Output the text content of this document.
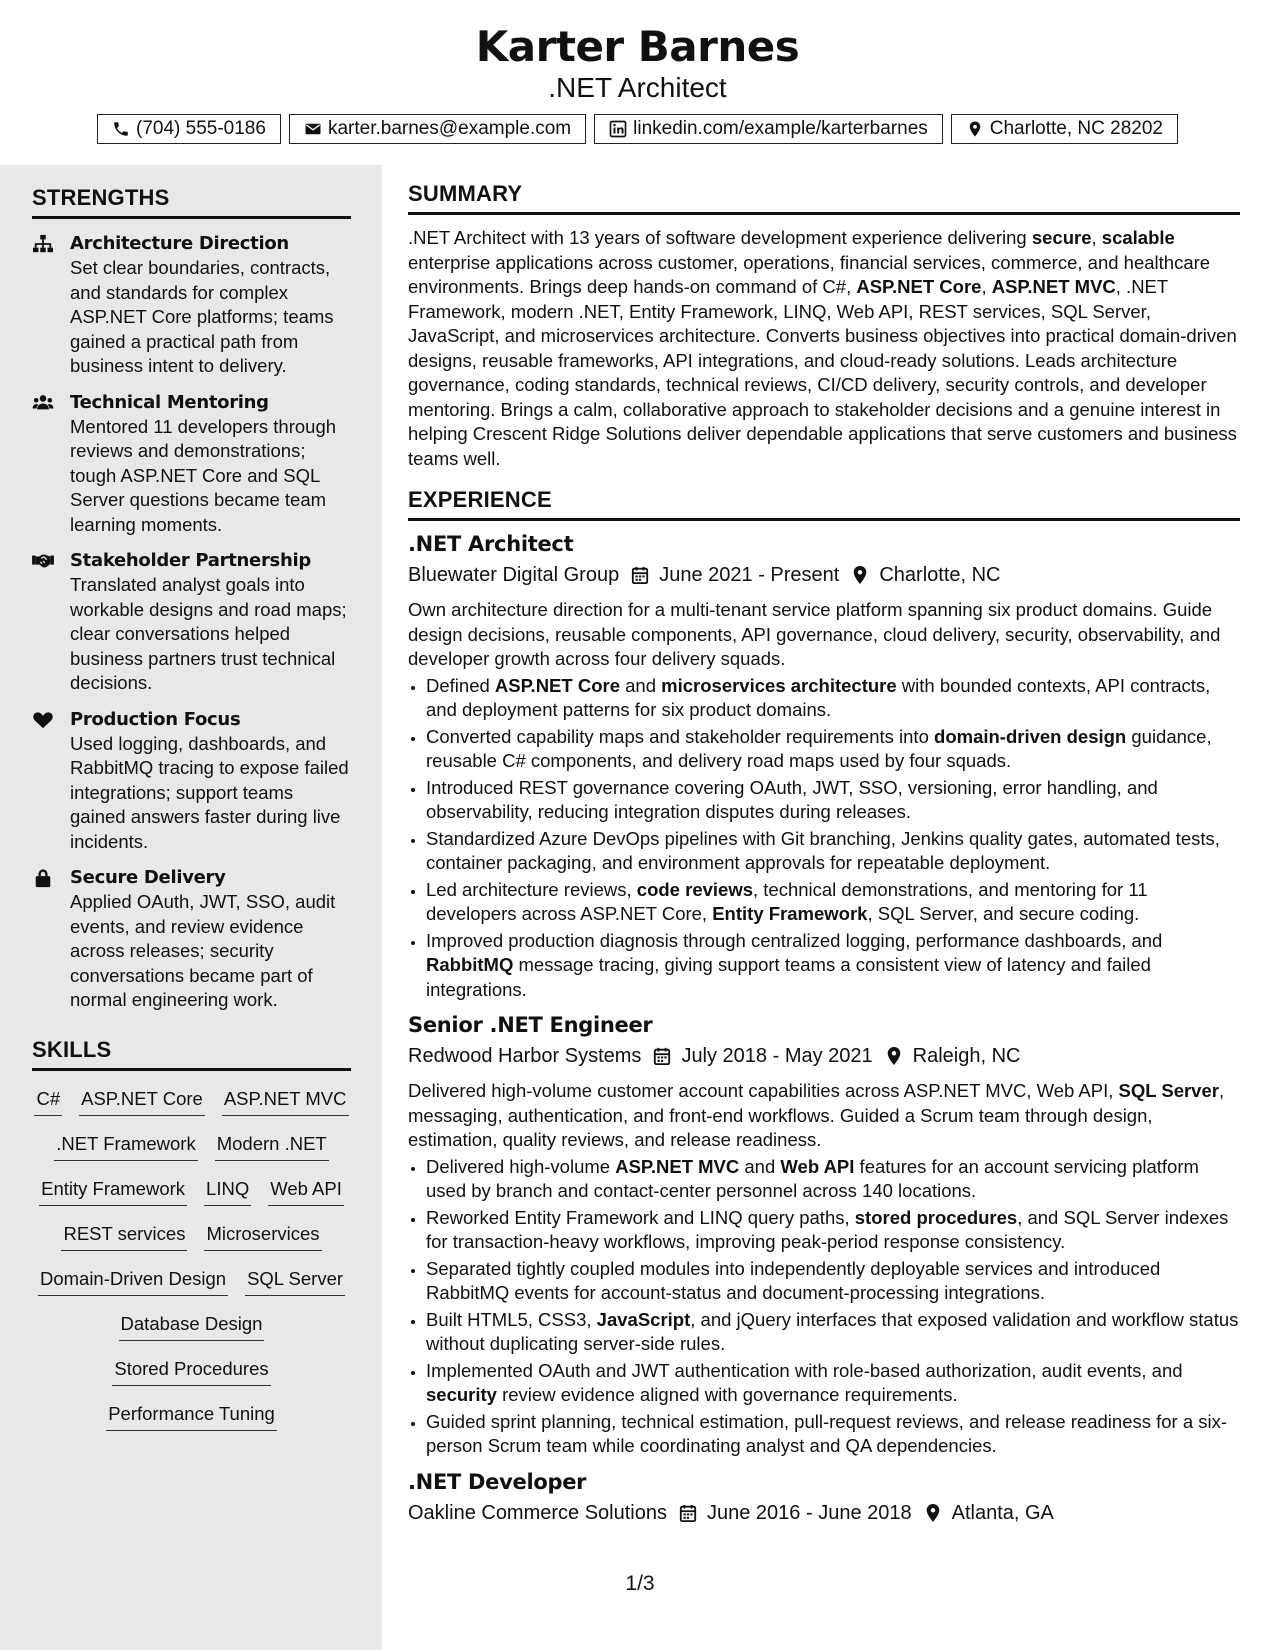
Karter Barnes
.NET Architect
(704) 555-0186	karter.barnes@example.com	linkedin.com/example/karterbarnes	Charlotte, NC 28202
STRENGTHS
Architecture Direction
Set clear boundaries, contracts, and standards for complex ASP.NET Core platforms; teams gained a practical path from business intent to delivery.
Technical Mentoring
Mentored 11 developers through reviews and demonstrations; tough ASP.NET Core and SQL Server questions became team learning moments.
Stakeholder Partnership
Translated analyst goals into workable designs and road maps; clear conversations helped business partners trust technical decisions.
Production Focus
Used logging, dashboards, and RabbitMQ tracing to expose failed integrations; support teams gained answers faster during live incidents.
Secure Delivery
Applied OAuth, JWT, SSO, audit events, and review evidence across releases; security conversations became part of normal engineering work.
SKILLS
C# ASP.NET Core ASP.NET MVC
.NET Framework Modern .NET
Entity Framework LINQ Web API
REST services Microservices
Domain-Driven Design SQL Server
Database Design
Stored Procedures
Performance Tuning
SUMMARY
.NET Architect with 13 years of software development experience delivering secure, scalable enterprise applications across customer, operations, financial services, commerce, and healthcare environments. Brings deep hands-on command of C#, ASP.NET Core, ASP.NET MVC, .NET Framework, modern .NET, Entity Framework, LINQ, Web API, REST services, SQL Server, JavaScript, and microservices architecture. Converts business objectives into practical domain-driven designs, reusable frameworks, API integrations, and cloud-ready solutions. Leads architecture governance, coding standards, technical reviews, CI/CD delivery, security controls, and developer mentoring. Brings a calm, collaborative approach to stakeholder decisions and a genuine interest in helping Crescent Ridge Solutions deliver dependable applications that serve customers and business teams well.
EXPERIENCE
.NET Architect
Bluewater Digital Group June 2021 - Present Charlotte, NC
Own architecture direction for a multi-tenant service platform spanning six product domains. Guide design decisions, reusable components, API governance, cloud delivery, security, observability, and developer growth across four delivery squads.
• Defined ASP.NET Core and microservices architecture with bounded contexts, API contracts, and deployment patterns for six product domains.
• Converted capability maps and stakeholder requirements into domain-driven design guidance, reusable C# components, and delivery road maps used by four squads.
• Introduced REST governance covering OAuth, JWT, SSO, versioning, error handling, and observability, reducing integration disputes during releases.
• Standardized Azure DevOps pipelines with Git branching, Jenkins quality gates, automated tests, container packaging, and environment approvals for repeatable deployment.
• Led architecture reviews, code reviews, technical demonstrations, and mentoring for 11 developers across ASP.NET Core, Entity Framework, SQL Server, and secure coding.
• Improved production diagnosis through centralized logging, performance dashboards, and RabbitMQ message tracing, giving support teams a consistent view of latency and failed integrations.
Senior .NET Engineer
Redwood Harbor Systems July 2018 - May 2021 Raleigh, NC
Delivered high-volume customer account capabilities across ASP.NET MVC, Web API, SQL Server, messaging, authentication, and front-end workflows. Guided a Scrum team through design, estimation, quality reviews, and release readiness.
• Delivered high-volume ASP.NET MVC and Web API features for an account servicing platform used by branch and contact-center personnel across 140 locations.
• Reworked Entity Framework and LINQ query paths, stored procedures, and SQL Server indexes for transaction-heavy workflows, improving peak-period response consistency.
• Separated tightly coupled modules into independently deployable services and introduced RabbitMQ events for account-status and document-processing integrations.
• Built HTML5, CSS3, JavaScript, and jQuery interfaces that exposed validation and workflow status without duplicating server-side rules.
• Implemented OAuth and JWT authentication with role-based authorization, audit events, and security review evidence aligned with governance requirements.
• Guided sprint planning, technical estimation, pull-request reviews, and release readiness for a six-person Scrum team while coordinating analyst and QA dependencies.
.NET Developer
Oakline Commerce Solutions June 2016 - June 2018 Atlanta, GA
1/3
